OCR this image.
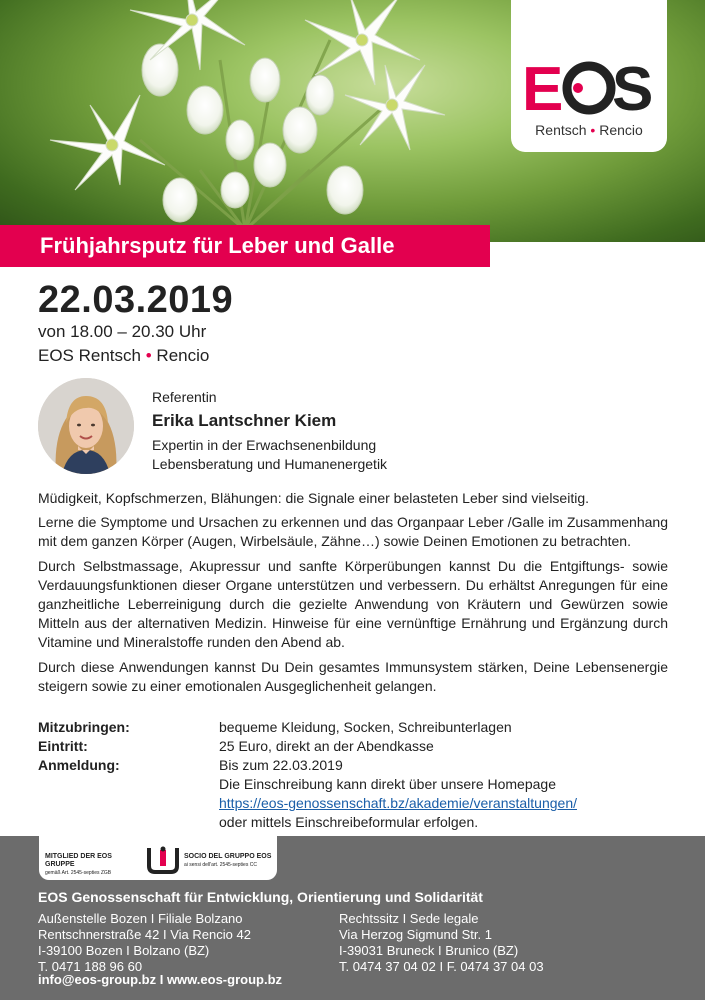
E S
Rentsch • Rencio
Frühjahrsputz für Leber und Galle
22.03.2019
von 18.00 – 20.30 Uhr
EOS Rentsch • Rencio
Referentin
Erika Lantschner Kiem
Expertin in der Erwachsenenbildung
Lebensberatung und Humanenergetik

Müdigkeit, Kopfschmerzen, Blähungen: die Signale einer belasteten Leber sind vielseitig.

Lerne die Symptome und Ursachen zu erkennen und das Organpaar Leber /Galle im Zusammenhang mit dem ganzen Körper (Augen, Wirbelsäule, Zähne…) sowie Deinen Emotionen zu betrachten.

Durch Selbstmassage, Akupressur und sanfte Körperübungen kannst Du die Entgiftungs- sowie Verdauungsfunktionen dieser Organe unterstützen und verbessern. Du erhältst Anregungen für eine ganzheitliche Leberreinigung durch die gezielte Anwendung von Kräutern und Gewürzen sowie Mitteln aus der alternativen Medizin. Hinweise für eine vernünftige Ernährung und Ergänzung durch Vitamine und Mineralstoffe runden den Abend ab.

Durch diese Anwendungen kannst Du Dein gesamtes Immunsystem stärken, Deine Lebensenergie steigern sowie zu einer emotionalen Ausgeglichenheit gelangen.

Mitzubringen:	bequeme Kleidung, Socken, Schreibunterlagen
Eintritt:	25 Euro, direkt an der Abendkasse
Anmeldung:	Bis zum 22.03.2019
Die Einschreibung kann direkt über unsere Homepage
https://eos-genossenschaft.bz/akademie/veranstaltungen/
oder mittels Einschreibeformular erfolgen.
MITGLIED DER EOS GRUPPE
gemäß Art. 2545-septies ZGB
SOCIO DEL GRUPPO EOS
ai sensi dell'art. 2545-septies CC
EOS Genossenschaft für Entwicklung, Orientierung und Solidarität
Außenstelle Bozen I Filiale Bolzano
Rentschnerstraße 42 I Via Rencio 42
I-39100 Bozen I Bolzano (BZ)
T. 0471 188 96 60
Rechtssitz I Sede legale
Via Herzog Sigmund Str. 1
I-39031 Bruneck I Brunico (BZ)
T. 0474 37 04 02 I F. 0474 37 04 03
info@eos-group.bz I www.eos-group.bz
